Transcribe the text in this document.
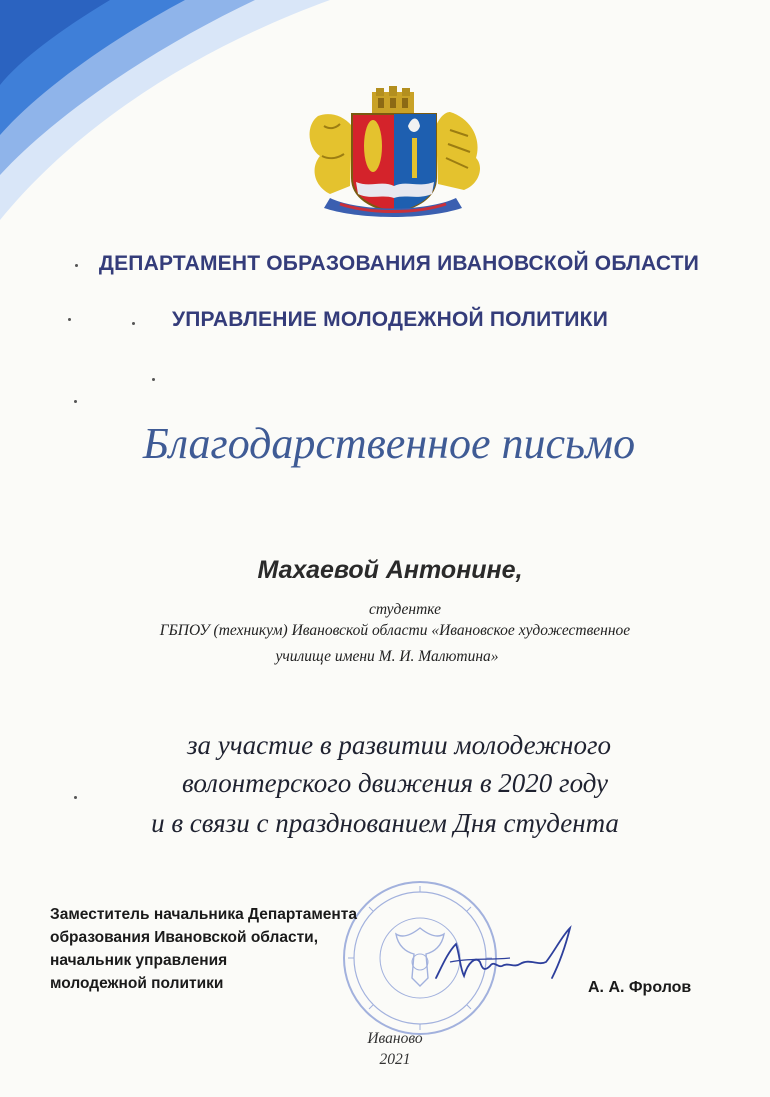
ДЕПАРТАМЕНТ ОБРАЗОВАНИЯ ИВАНОВСКОЙ ОБЛАСТИ
УПРАВЛЕНИЕ МОЛОДЕЖНОЙ ПОЛИТИКИ
Благодарственное письмо
Махаевой Антонине,
студентке
ГБПОУ (техникум) Ивановской области «Ивановское художественное
училище имени М. И. Малютина»
за участие в развитии молодежного
волонтерского движения в 2020 году
и в связи с празднованием Дня студента
Заместитель начальника Департамента
образования Ивановской области,
начальник управления
молодежной политики	А. А. Фролов
Иваново
2021
